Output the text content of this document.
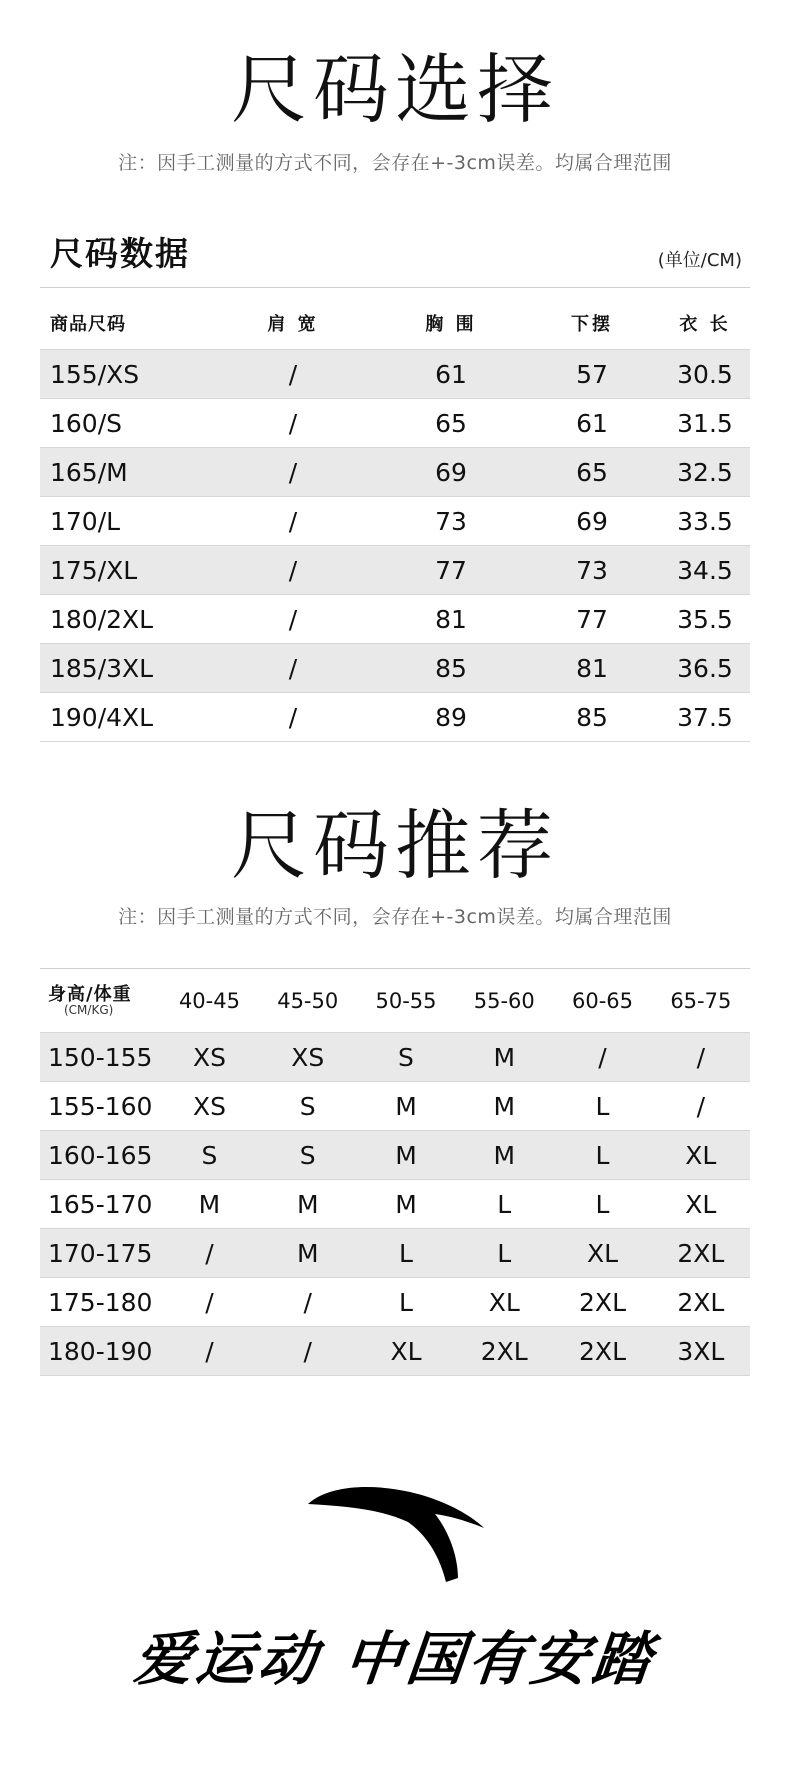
尺码选择
注：因手工测量的方式不同，会存在+-3cm误差。均属合理范围
尺码数据	(单位/CM)
商品尺码	肩 宽	胸 围	下摆	衣 长
155/XS	/	61	57	30.5
160/S	/	65	61	31.5
165/M	/	69	65	32.5
170/L	/	73	69	33.5
175/XL	/	77	73	34.5
180/2XL	/	81	77	35.5
185/3XL	/	85	81	36.5
190/4XL	/	89	85	37.5
尺码推荐
注：因手工测量的方式不同，会存在+-3cm误差。均属合理范围
身高/体重
(CM/KG)	40-45	45-50	50-55	55-60	60-65	65-75
150-155	XS	XS	S	M	/	/
155-160	XS	S	M	M	L	/
160-165	S	S	M	M	L	XL
165-170	M	M	M	L	L	XL
170-175	/	M	L	L	XL	2XL
175-180	/	/	L	XL	2XL	2XL
180-190	/	/	XL	2XL	2XL	3XL
爱运动 中国有安踏
